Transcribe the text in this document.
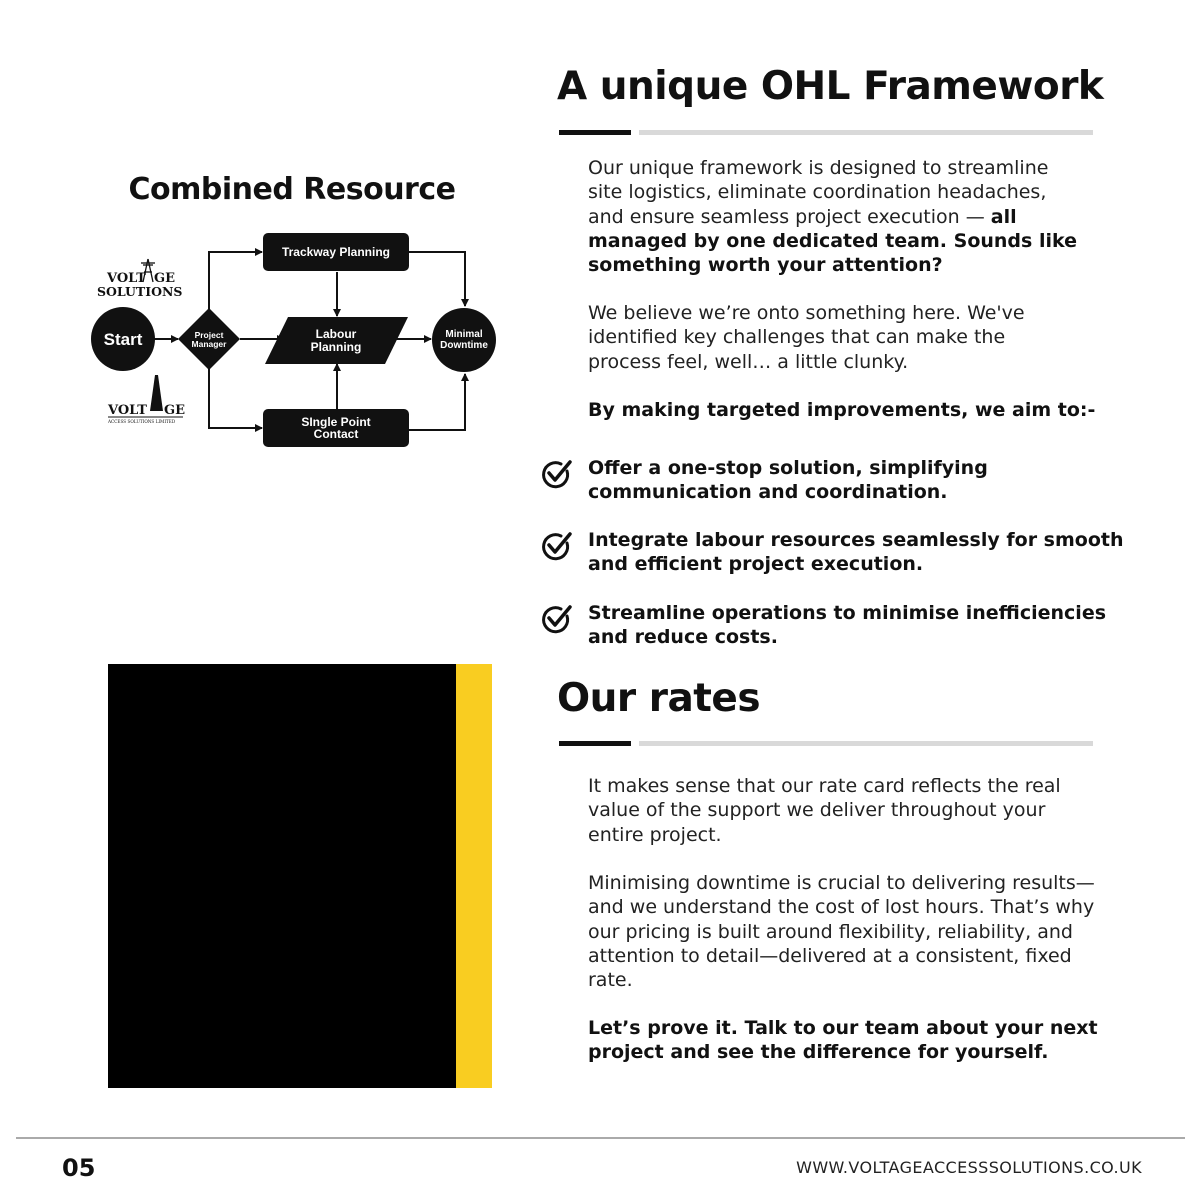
Combined Resource
Start	Project
Manager
Trackway Planning
Labour
Planning
SIngle Point
Contact
Minimal
Downtime
VOLT GE
SOLUTIONS
VOLT GE
ACCESS SOLUTIONS LIMITED
A unique OHL Framework
Our unique framework is designed to streamline site logistics, eliminate coordination headaches, and ensure seamless project execution — all managed by one dedicated team. Sounds like something worth your attention?
We believe we’re onto something here. We've identified key challenges that can make the process feel, well… a little clunky.
By making targeted improvements, we aim to:-
Offer a one-stop solution, simplifying communication and coordination.
Integrate labour resources seamlessly for smooth and efficient project execution.
Streamline operations to minimise inefficiencies and reduce costs.
Our rates
It makes sense that our rate card reflects the real value of the support we deliver throughout your entire project.
Minimising downtime is crucial to delivering results—and we understand the cost of lost hours. That’s why our pricing is built around flexibility, reliability, and attention to detail—delivered at a consistent, fixed rate.
Let’s prove it. Talk to our team about your next project and see the difference for yourself.
05	WWW.VOLTAGEACCESSSOLUTIONS.CO.UK
